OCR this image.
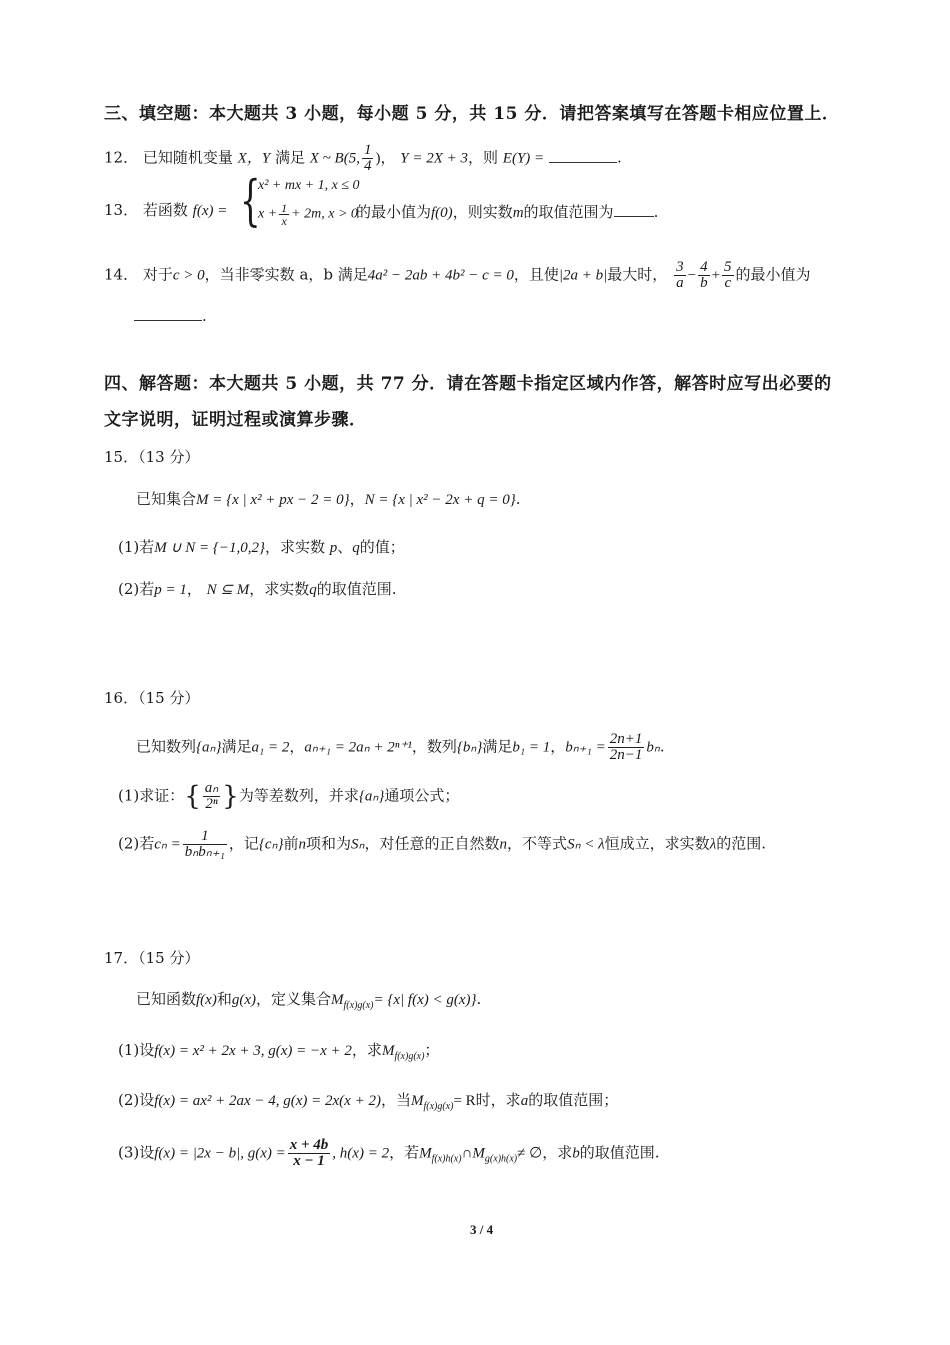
三、填空题：本大题共 3 小题，每小题 5 分，共 15 分．请把答案填写在答题卡相应位置上．
12． 已知随机变量 X，Y 满足 X ~ B(5, $\frac{1}{4}$ )， Y = 2X + 3，则 E(Y) =	.
13． 若函数 f(x) = {
x² + mx + 1, x ≤ 0
$x + \frac{1}{x} + 2m$, x > 0
的最小值为f(0)，则实数m的取值范围为	.
14． 对于c > 0，当非零实数 a，b 满足4a² − 2ab + 4b² − c = 0，且使|2a + b|最大时， $\frac{3}{a} - \frac{4}{b} + \frac{5}{c}$ 的最小值为
.
四、解答题：本大题共 5 小题，共 77 分．请在答题卡指定区域内作答，解答时应写出必要的
文字说明，证明过程或演算步骤．
15．（13 分）
已知集合M = {x | x² + px − 2 = 0}，N = {x | x² − 2x + q = 0}.
(1)若M ∪ N = {−1,0,2}，求实数 p、q的值；
(2)若p = 1， N ⊆ M，求实数q的取值范围.
16．（15 分）
已知数列{aₙ}满足a₁ = 2，aₙ₊₁ = 2aₙ + 2ⁿ⁺¹，数列{bₙ}满足b₁ = 1，$b_{n+1} = \frac{2n+1}{2n-1} b_n$.
(1)求证：{ $\frac{\text{aₙ}}{\text{2ⁿ}}$ }为等差数列，并求{aₙ}通项公式；
(2)若$c_n = \frac{1}{\text{bₙbₙ₊₁}}$ ，记{cₙ}前n项和为Sₙ，对任意的正自然数n，不等式Sₙ < λ恒成立，求实数λ的范围.
17．（15 分）
已知函数f(x)和g(x)，定义集合$M_{f(x)g(x)}= \{x|$ f(x) < g(x)}.
(1)设f(x) = x² + 2x + 3, g(x) = −x + 2，求$M_{f(x)g(x)}$；
(2)设f(x) = ax² + 2ax − 4, g(x) = 2x(x + 2)，当$M_{f(x)g(x)}= R$时，求a的取值范围；
(3)设f(x) = |2x − b|, $g(x) = \frac{x + 4b}{x - 1}$ , h(x) = 2，若$M_{f(x)h(x)}\cap M_{g(x)h(x)}\ne$ ∅，求b的取值范围.
3 / 4
